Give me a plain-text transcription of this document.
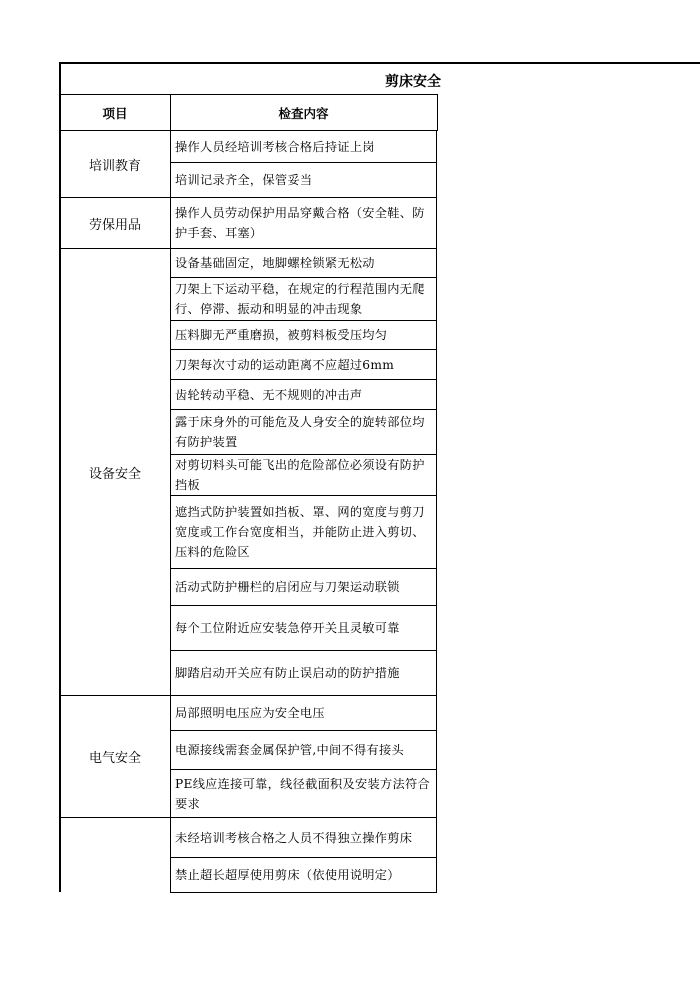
剪床安全
项目	检查内容
培训教育
劳保用品
设备安全
电气安全
操作人员经培训考核合格后持证上岗
培训记录齐全，保管妥当
操作人员劳动保护用品穿戴合格（安全鞋、防护手套、耳塞）
设备基础固定，地脚螺栓锁紧无松动
刀架上下运动平稳，在规定的行程范围内无爬行、停滞、振动和明显的冲击现象
压料脚无严重磨损，被剪料板受压均匀
刀架每次寸动的运动距离不应超过6mm
齿轮转动平稳、无不规则的冲击声
露于床身外的可能危及人身安全的旋转部位均有防护装置
对剪切料头可能飞出的危险部位必须设有防护挡板
遮挡式防护装置如挡板、罩、网的宽度与剪刀宽度或工作台宽度相当，并能防止进入剪切、压料的危险区
活动式防护栅栏的启闭应与刀架运动联锁
每个工位附近应安装急停开关且灵敏可靠
脚踏启动开关应有防止误启动的防护措施
局部照明电压应为安全电压
电源接线需套金属保护管,中间不得有接头
PE线应连接可靠，线径截面积及安装方法符合要求
未经培训考核合格之人员不得独立操作剪床
禁止超长超厚使用剪床（依使用说明定）
